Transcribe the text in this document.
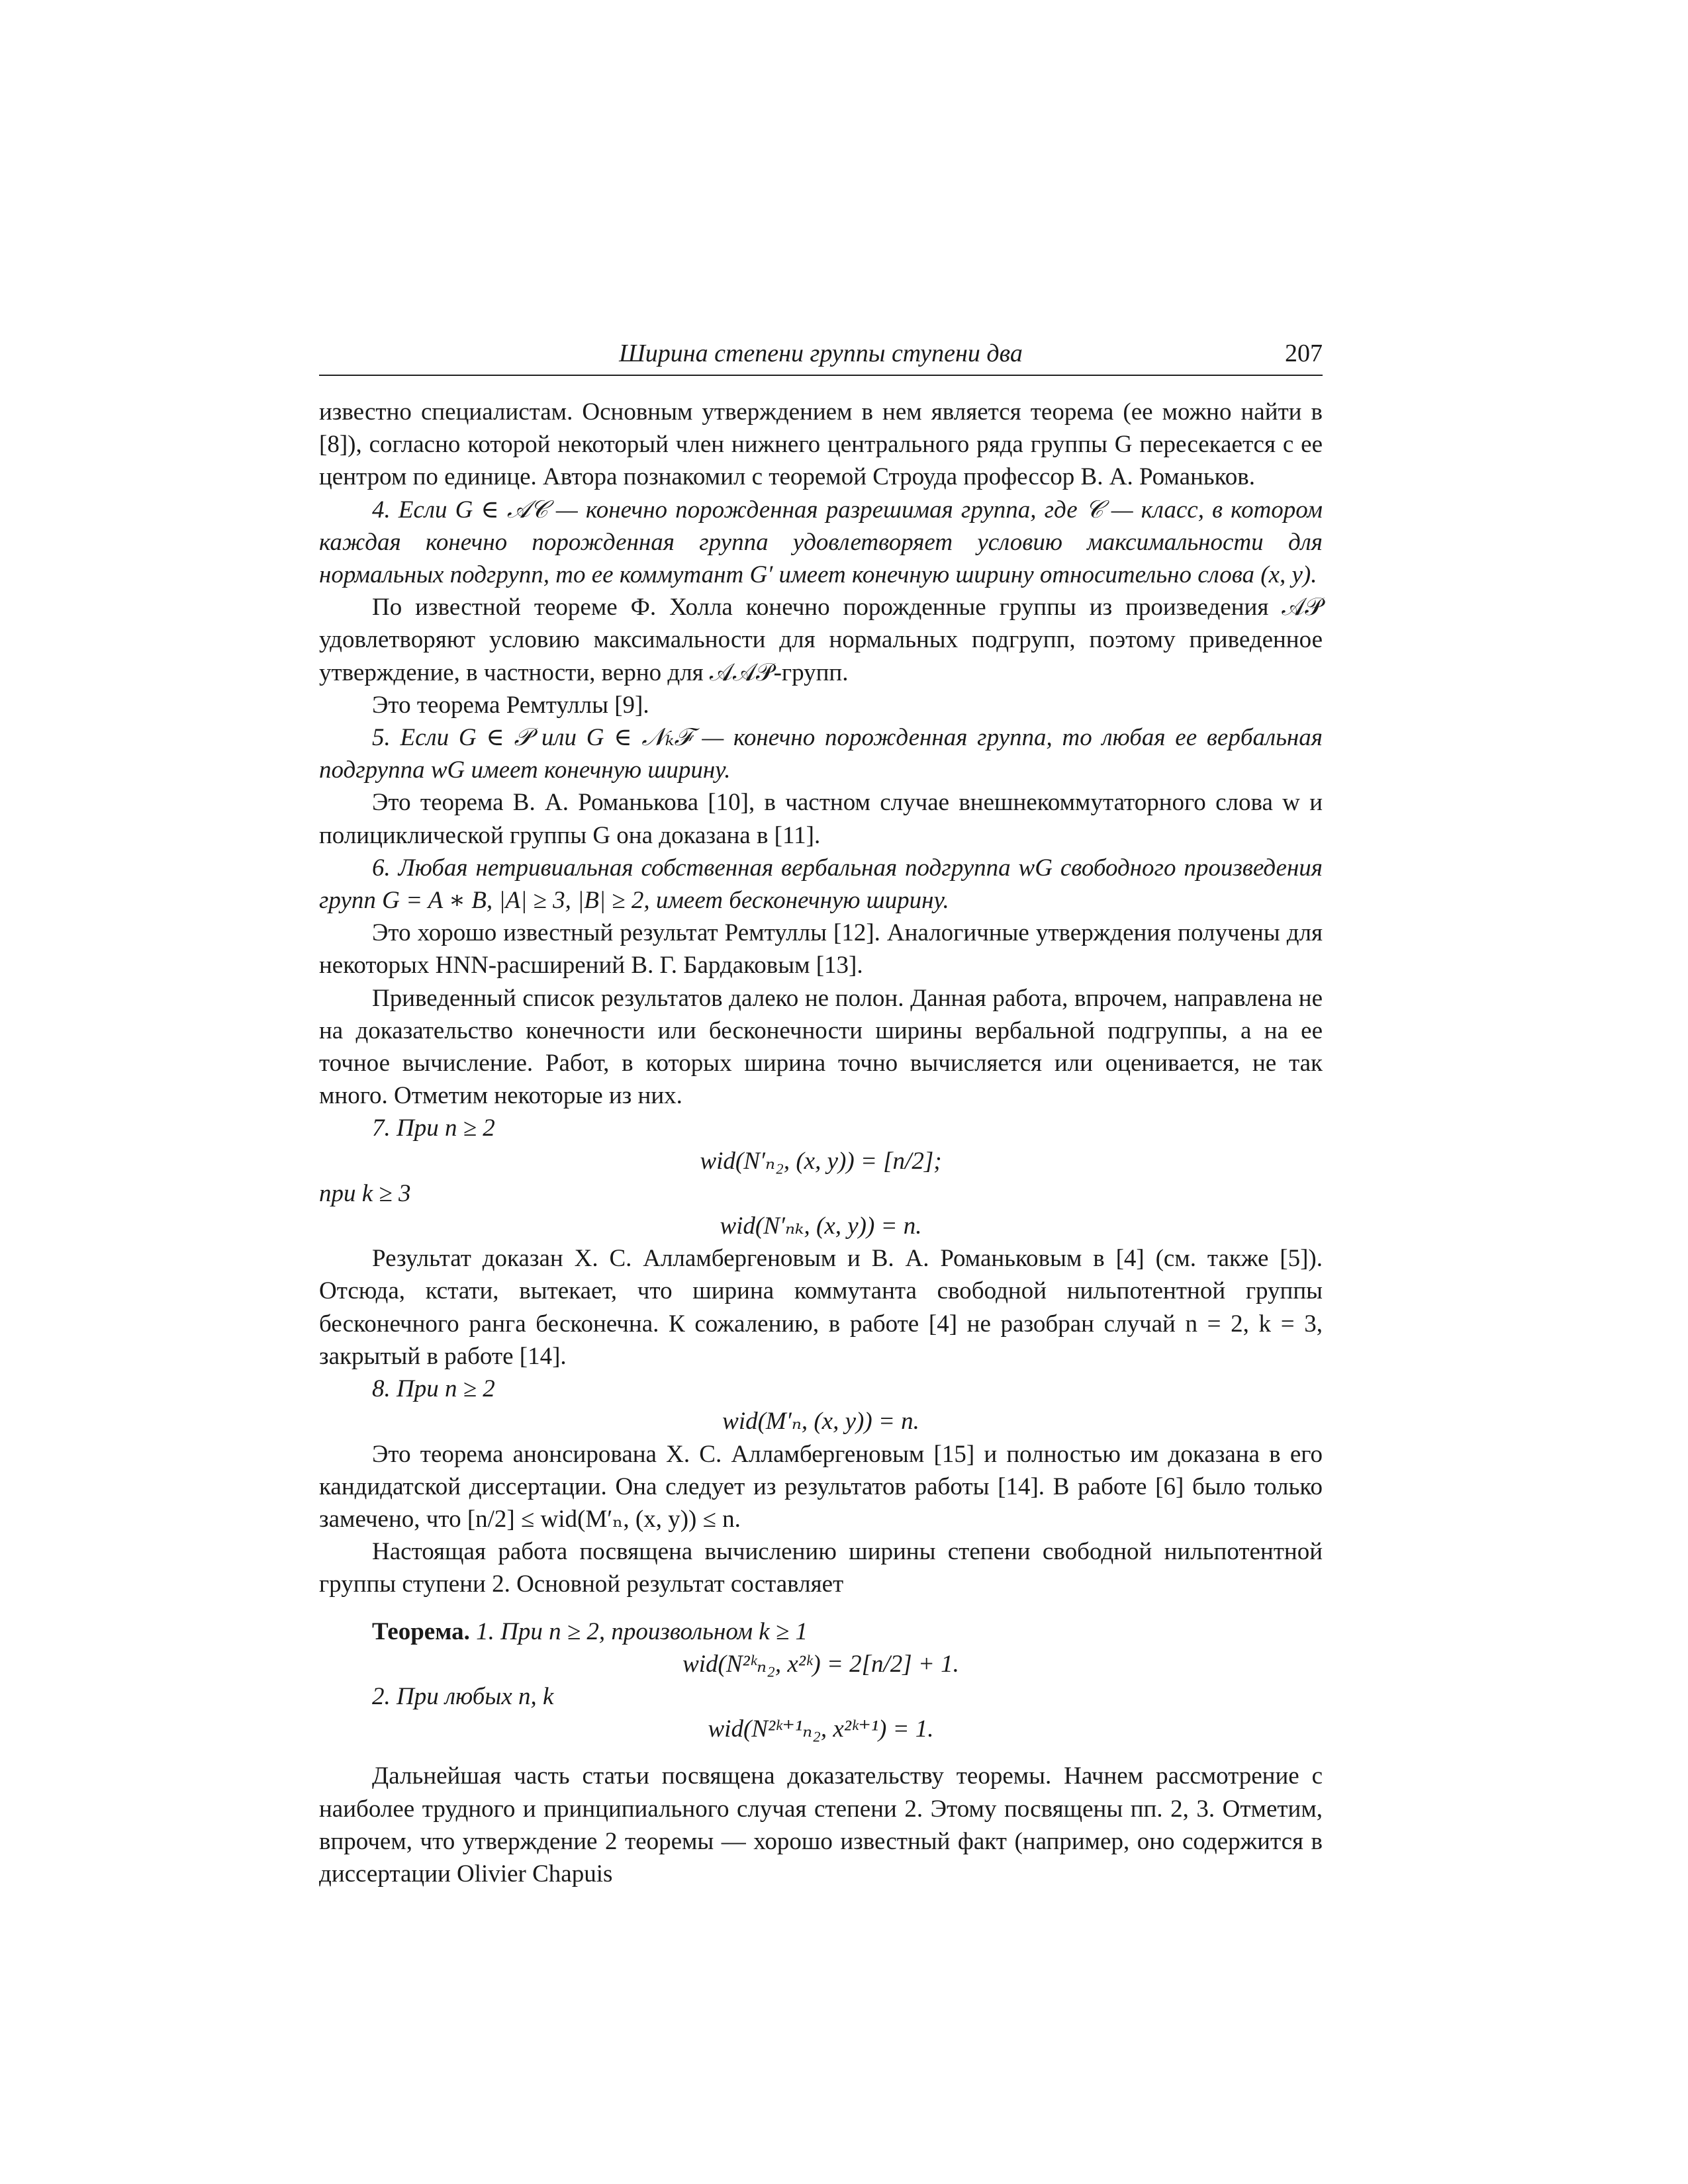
Ширина степени группы ступени два	207

известно специалистам. Основным утверждением в нем является теорема (ее можно найти в [8]), согласно которой некоторый член нижнего центрального ряда группы G пересекается с ее центром по единице. Автора познакомил с теоремой Строуда профессор В. А. Романьков.

4. Если G ∈ 𝒜𝒞 — конечно порожденная разрешимая группа, где 𝒞 — класс, в котором каждая конечно порожденная группа удовлетворяет условию максимальности для нормальных подгрупп, то ее коммутант G′ имеет конечную ширину относительно слова (x, y).

По известной теореме Ф. Холла конечно порожденные группы из произведения 𝒜𝒫 удовлетворяют условию максимальности для нормальных подгрупп, поэтому приведенное утверждение, в частности, верно для 𝒜𝒜𝒫-групп.

Это теорема Ремтуллы [9].

5. Если G ∈ 𝒫 или G ∈ 𝒩ₖℱ — конечно порожденная группа, то любая ее вербальная подгруппа wG имеет конечную ширину.

Это теорема В. А. Романькова [10], в частном случае внешнекоммутаторного слова w и полициклической группы G она доказана в [11].

6. Любая нетривиальная собственная вербальная подгруппа wG свободного произведения групп G = A ∗ B, |A| ≥ 3, |B| ≥ 2, имеет бесконечную ширину.

Это хорошо известный результат Ремтуллы [12]. Аналогичные утверждения получены для некоторых HNN-расширений В. Г. Бардаковым [13].

Приведенный список результатов далеко не полон. Данная работа, впрочем, направлена не на доказательство конечности или бесконечности ширины вербальной подгруппы, а на ее точное вычисление. Работ, в которых ширина точно вычисляется или оценивается, не так много. Отметим некоторые из них.

7. При n ≥ 2

wid(N′ₙ₂, (x, y)) = [n/2];

при k ≥ 3

wid(N′ₙₖ, (x, y)) = n.

Результат доказан Х. С. Алламбергеновым и В. А. Романьковым в [4] (см. также [5]). Отсюда, кстати, вытекает, что ширина коммутанта свободной нильпотентной группы бесконечного ранга бесконечна. К сожалению, в работе [4] не разобран случай n = 2, k = 3, закрытый в работе [14].

8. При n ≥ 2

wid(M′ₙ, (x, y)) = n.

Это теорема анонсирована Х. С. Алламбергеновым [15] и полностью им доказана в его кандидатской диссертации. Она следует из результатов работы [14]. В работе [6] было только замечено, что [n/2] ≤ wid(M′ₙ, (x, y)) ≤ n.

Настоящая работа посвящена вычислению ширины степени свободной нильпотентной группы ступени 2. Основной результат составляет

Теорема. 1. При n ≥ 2, произвольном k ≥ 1

wid(N²ᵏₙ₂, x²ᵏ) = 2[n/2] + 1.

2. При любых n, k

wid(N²ᵏ⁺¹ₙ₂, x²ᵏ⁺¹) = 1.

Дальнейшая часть статьи посвящена доказательству теоремы. Начнем рассмотрение с наиболее трудного и принципиального случая степени 2. Этому посвящены пп. 2, 3. Отметим, впрочем, что утверждение 2 теоремы — хорошо известный факт (например, оно содержится в диссертации Olivier Chapuis
